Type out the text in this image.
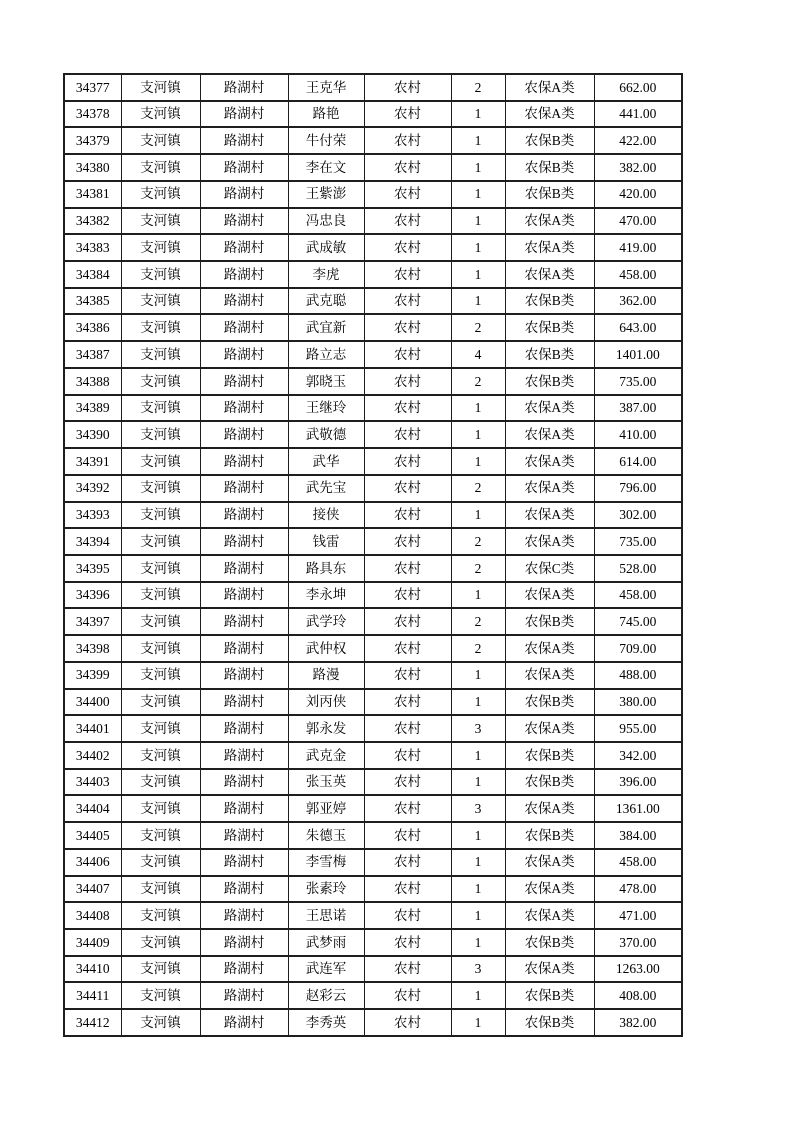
34377	支河镇	路湖村	王克华	农村	2	农保A类	662.00
34378	支河镇	路湖村	路艳	农村	1	农保A类	441.00
34379	支河镇	路湖村	牛付荣	农村	1	农保B类	422.00
34380	支河镇	路湖村	李在文	农村	1	农保B类	382.00
34381	支河镇	路湖村	王紫澎	农村	1	农保B类	420.00
34382	支河镇	路湖村	冯忠良	农村	1	农保A类	470.00
34383	支河镇	路湖村	武成敏	农村	1	农保A类	419.00
34384	支河镇	路湖村	李虎	农村	1	农保A类	458.00
34385	支河镇	路湖村	武克聪	农村	1	农保B类	362.00
34386	支河镇	路湖村	武宜新	农村	2	农保B类	643.00
34387	支河镇	路湖村	路立志	农村	4	农保B类	1401.00
34388	支河镇	路湖村	郭晓玉	农村	2	农保B类	735.00
34389	支河镇	路湖村	王继玲	农村	1	农保A类	387.00
34390	支河镇	路湖村	武敬德	农村	1	农保A类	410.00
34391	支河镇	路湖村	武华	农村	1	农保A类	614.00
34392	支河镇	路湖村	武先宝	农村	2	农保A类	796.00
34393	支河镇	路湖村	接侠	农村	1	农保A类	302.00
34394	支河镇	路湖村	钱雷	农村	2	农保A类	735.00
34395	支河镇	路湖村	路具东	农村	2	农保C类	528.00
34396	支河镇	路湖村	李永坤	农村	1	农保A类	458.00
34397	支河镇	路湖村	武学玲	农村	2	农保B类	745.00
34398	支河镇	路湖村	武仲权	农村	2	农保A类	709.00
34399	支河镇	路湖村	路漫	农村	1	农保A类	488.00
34400	支河镇	路湖村	刘丙侠	农村	1	农保B类	380.00
34401	支河镇	路湖村	郭永发	农村	3	农保A类	955.00
34402	支河镇	路湖村	武克金	农村	1	农保B类	342.00
34403	支河镇	路湖村	张玉英	农村	1	农保B类	396.00
34404	支河镇	路湖村	郭亚婷	农村	3	农保A类	1361.00
34405	支河镇	路湖村	朱德玉	农村	1	农保B类	384.00
34406	支河镇	路湖村	李雪梅	农村	1	农保A类	458.00
34407	支河镇	路湖村	张素玲	农村	1	农保A类	478.00
34408	支河镇	路湖村	王思诺	农村	1	农保A类	471.00
34409	支河镇	路湖村	武梦雨	农村	1	农保B类	370.00
34410	支河镇	路湖村	武连军	农村	3	农保A类	1263.00
34411	支河镇	路湖村	赵彩云	农村	1	农保B类	408.00
34412	支河镇	路湖村	李秀英	农村	1	农保B类	382.00
